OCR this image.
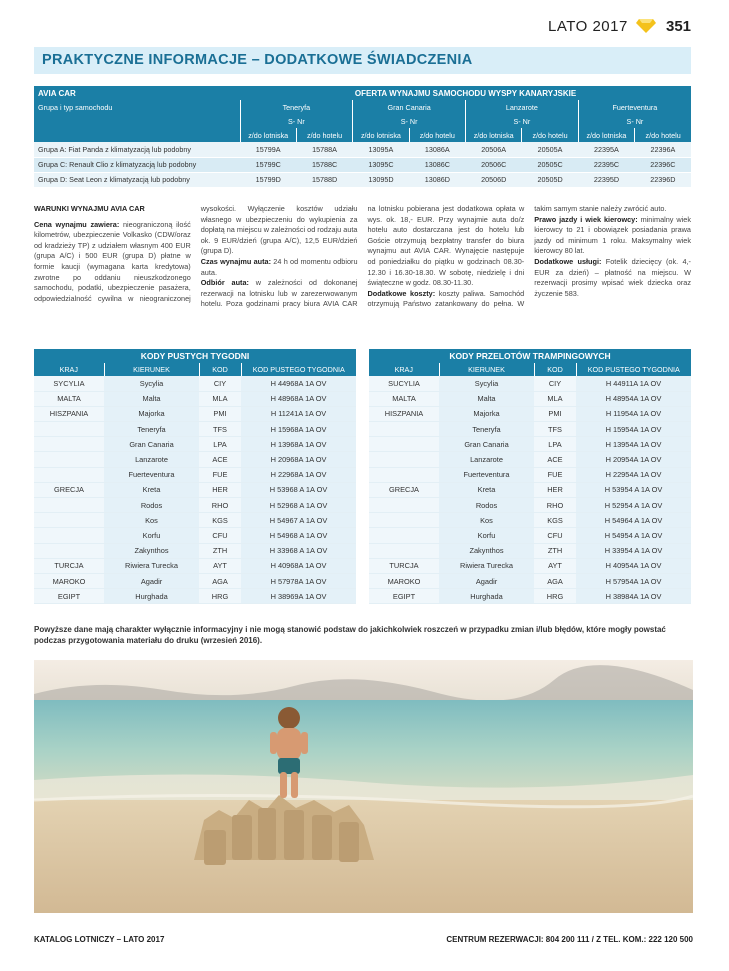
LATO 2017	351
PRAKTYCZNE INFORMACJE – DODATKOWE ŚWIADCZENIA
AVIA CAR	OFERTA WYNAJMU SAMOCHODU WYSPY KANARYJSKIE							
Grupa i typ samochodu	Teneryfa		Gran Canaria		Lanzarote		Fuerteventura	
	S- Nr		S- Nr		S- Nr		S- Nr	
	z/do lotniska	z/do hotelu	z/do lotniska	z/do hotelu	z/do lotniska	z/do hotelu	z/do lotniska	z/do hotelu
Grupa A: Fiat Panda z klimatyzacją lub podobny	15799A	15788A	13095A	13086A	20506A	20505A	22395A	22396A
Grupa C: Renault Clio z klimatyzacją lub podobny	15799C	15788C	13095C	13086C	20506C	20505C	22395C	22396C
Grupa D: Seat Leon z klimatyzacją lub podobny	15799D	15788D	13095D	13086D	20506D	20505D	22395D	22396D
WARUNKI WYNAJMU AVIA CAR
Cena wynajmu zawiera: nieograniczoną ilość kilometrów, ubezpieczenie Volkasko (CDW/oraz od kradzieży TP) z udziałem własnym 400 EUR (grupa A/C) i 500 EUR (grupa D) płatne w formie kaucji (wymagana karta kredytowa) zwrotne po oddaniu nieuszkodzonego samochodu, podatki, ubezpieczenie pasażera, odpowiedzialność cywilna w nieograniczonej wysokości. Wyłączenie kosztów udziału własnego w ubezpieczeniu do wykupienia za dopłatą na miejscu w zależności od rodzaju auta ok. 9 EUR/dzień (grupa A/C), 12,5 EUR/dzień (grupa D).
Czas wynajmu auta: 24 h od momentu odbioru auta.
Odbiór auta: w zależności od dokonanej rezerwacji na lotnisku lub w zarezerwowanym hotelu. Poza godzinami pracy biura AVIA CAR na lotnisku pobierana jest dodatkowa opłata w wys. ok. 18,- EUR. Przy wynajmie auta do/z hotelu auto dostarczana jest do hotelu lub Goście otrzymują bezpłatny transfer do biura wynajmu aut AVIA CAR. Wynajęcie następuje od poniedziałku do piątku w godzinach 08.30-12.30 i 16.30-18.30. W sobotę, niedzielę i dni świąteczne w godz. 08.30-11.30.
Dodatkowe koszty: koszty paliwa. Samochód otrzymują Państwo zatankowany do pełna. W takim samym stanie należy zwrócić auto.
Prawo jazdy i wiek kierowcy: minimalny wiek kierowcy to 21 i obowiązek posiadania prawa jazdy od minimum 1 roku. Maksymalny wiek kierowcy 80 lat.
Dodatkowe usługi: Fotelik dziecięcy (ok. 4,- EUR za dzień) – płatność na miejscu. W rezerwacji prosimy wpisać wiek dziecka oraz życzenie 583.
KODY PUSTYCH TYGODNI			
KRAJ	KIERUNEK	KOD	KOD PUSTEGO TYGODNIA
SYCYLIA	Sycylia	CIY	H 44968A 1A OV
MALTA	Malta	MLA	H 48968A 1A OV
HISZPANIA	Majorka	PMI	H 11241A 1A OV
	Teneryfa	TFS	H 15968A 1A OV
	Gran Canaria	LPA	H 13968A 1A OV
	Lanzarote	ACE	H 20968A 1A OV
	Fuerteventura	FUE	H 22968A 1A OV
GRECJA	Kreta	HER	H 53968 A 1A OV
	Rodos	RHO	H 52968 A 1A OV
	Kos	KGS	H 54967 A 1A OV
	Korfu	CFU	H 54968 A 1A OV
	Zakynthos	ZTH	H 33968 A 1A OV
TURCJA	Riwiera Turecka	AYT	H 40968A 1A OV
MAROKO	Agadir	AGA	H 57978A 1A OV
EGIPT	Hurghada	HRG	H 38969A 1A OV
KODY PRZELOTÓW TRAMPINGOWYCH			
KRAJ	KIERUNEK	KOD	KOD PUSTEGO TYGODNIA
SUCYLIA	Sycylia	CIY	H 44911A 1A OV
MALTA	Malta	MLA	H 48954A 1A OV
HISZPANIA	Majorka	PMI	H 11954A 1A OV
	Teneryfa	TFS	H 15954A 1A OV
	Gran Canaria	LPA	H 13954A 1A OV
	Lanzarote	ACE	H 20954A 1A OV
	Fuerteventura	FUE	H 22954A 1A OV
GRECJA	Kreta	HER	H 53954 A 1A OV
	Rodos	RHO	H 52954 A 1A OV
	Kos	KGS	H 54964 A 1A OV
	Korfu	CFU	H 54954 A 1A OV
	Zakynthos	ZTH	H 33954 A 1A OV
TURCJA	Riwiera Turecka	AYT	H 40954A 1A OV
MAROKO	Agadir	AGA	H 57954A 1A OV
EGIPT	Hurghada	HRG	H 38984A 1A OV
Powyższe dane mają charakter wyłącznie informacyjny i nie mogą stanowić podstaw do jakichkolwiek roszczeń w przypadku zmian i/lub błędów, które mogły powstać podczas przygotowania materiału do druku (wrzesień 2016).
KATALOG LOTNICZY – LATO 2017	CENTRUM REZERWACJI: 804 200 111 / Z TEL. KOM.: 222 120 500
